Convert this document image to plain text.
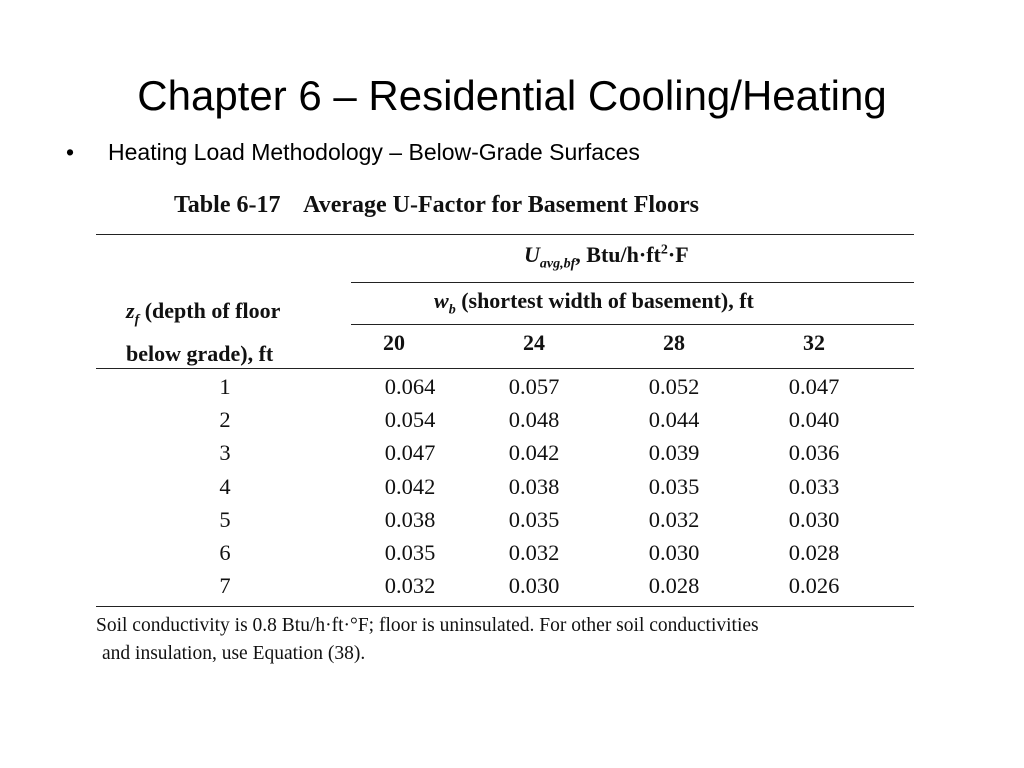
Chapter 6 – Residential Cooling/Heating
• Heating Load Methodology – Below-Grade Surfaces
Table 6-17    Average U-Factor for Basement Floors
$U_{avg,bf}$, Btu/$h\cdot ft^2\cdot F$
$w_b$ (shortest width of basement), ft
$z_f$ (depth of floor
below grade), ft	20	24	28	32
1	0.064	0.057	0.052	0.047
2	0.054	0.048	0.044	0.040
3	0.047	0.042	0.039	0.036
4	0.042	0.038	0.035	0.033
5	0.038	0.035	0.032	0.030
6	0.035	0.032	0.030	0.028
7	0.032	0.030	0.028	0.026
Soil conductivity is 0.8 Btu/h·ft·°F; floor is uninsulated. For other soil conductivities
and insulation, use Equation (38).
